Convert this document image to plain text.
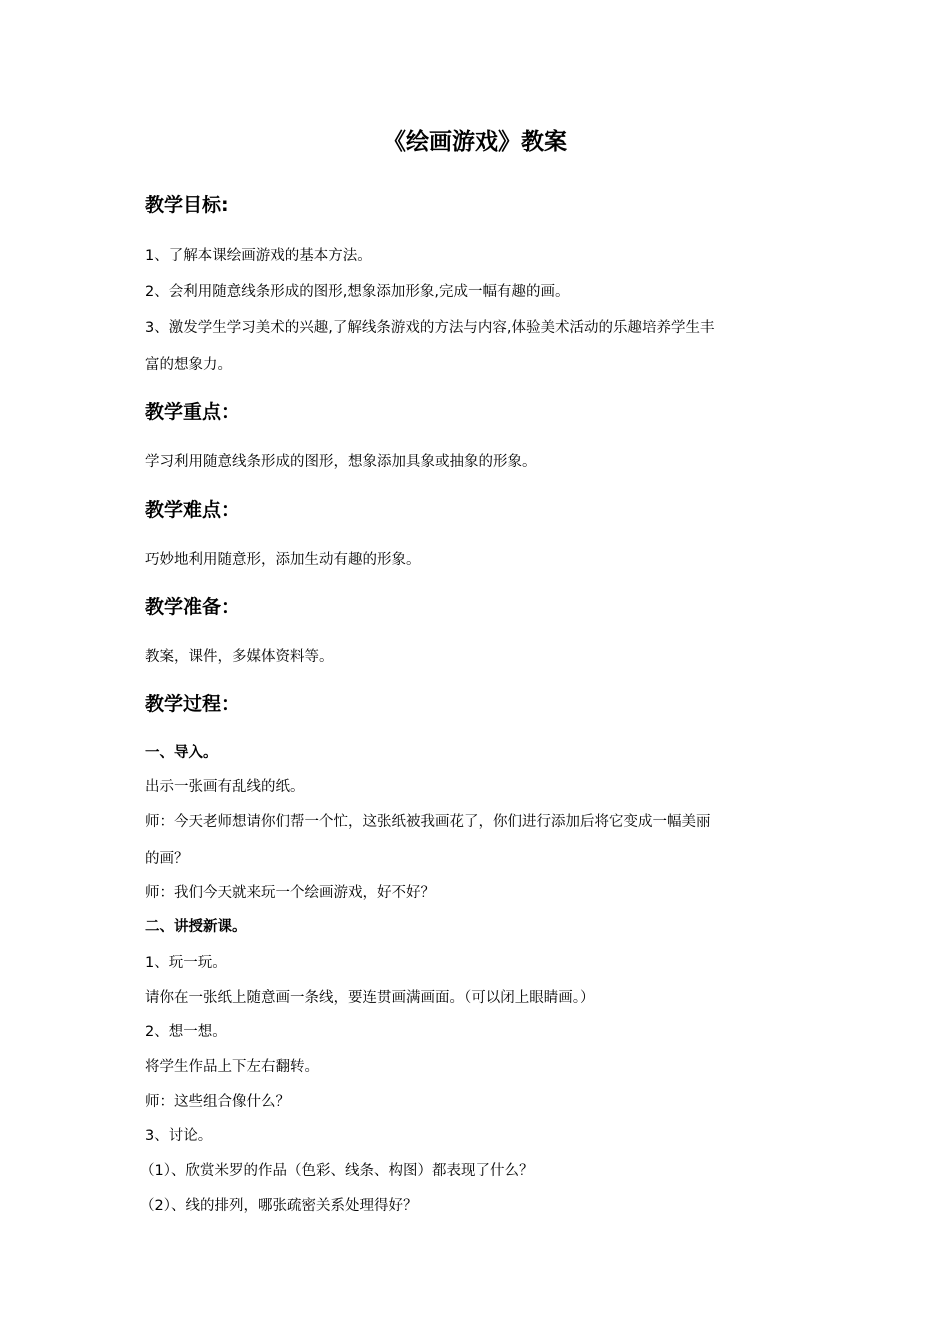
《绘画游戏》教案
教学目标:
1、了解本课绘画游戏的基本方法。
2、会利用随意线条形成的图形,想象添加形象,完成一幅有趣的画。
3、激发学生学习美术的兴趣,了解线条游戏的方法与内容,体验美术活动的乐趣培养学生丰
富的想象力。
教学重点：
学习利用随意线条形成的图形，想象添加具象或抽象的形象。
教学难点：
巧妙地利用随意形，添加生动有趣的形象。
教学准备：
教案，课件，多媒体资料等。
教学过程：
一、导入。
出示一张画有乱线的纸。
师：今天老师想请你们帮一个忙，这张纸被我画花了，你们进行添加后将它变成一幅美丽
的画？
师：我们今天就来玩一个绘画游戏，好不好？
二、讲授新课。
1、玩一玩。
请你在一张纸上随意画一条线，要连贯画满画面。（可以闭上眼睛画。）
2、想一想。
将学生作品上下左右翻转。
师：这些组合像什么？
3、讨论。
（1）、欣赏米罗的作品（色彩、线条、构图）都表现了什么？
（2）、线的排列，哪张疏密关系处理得好？
